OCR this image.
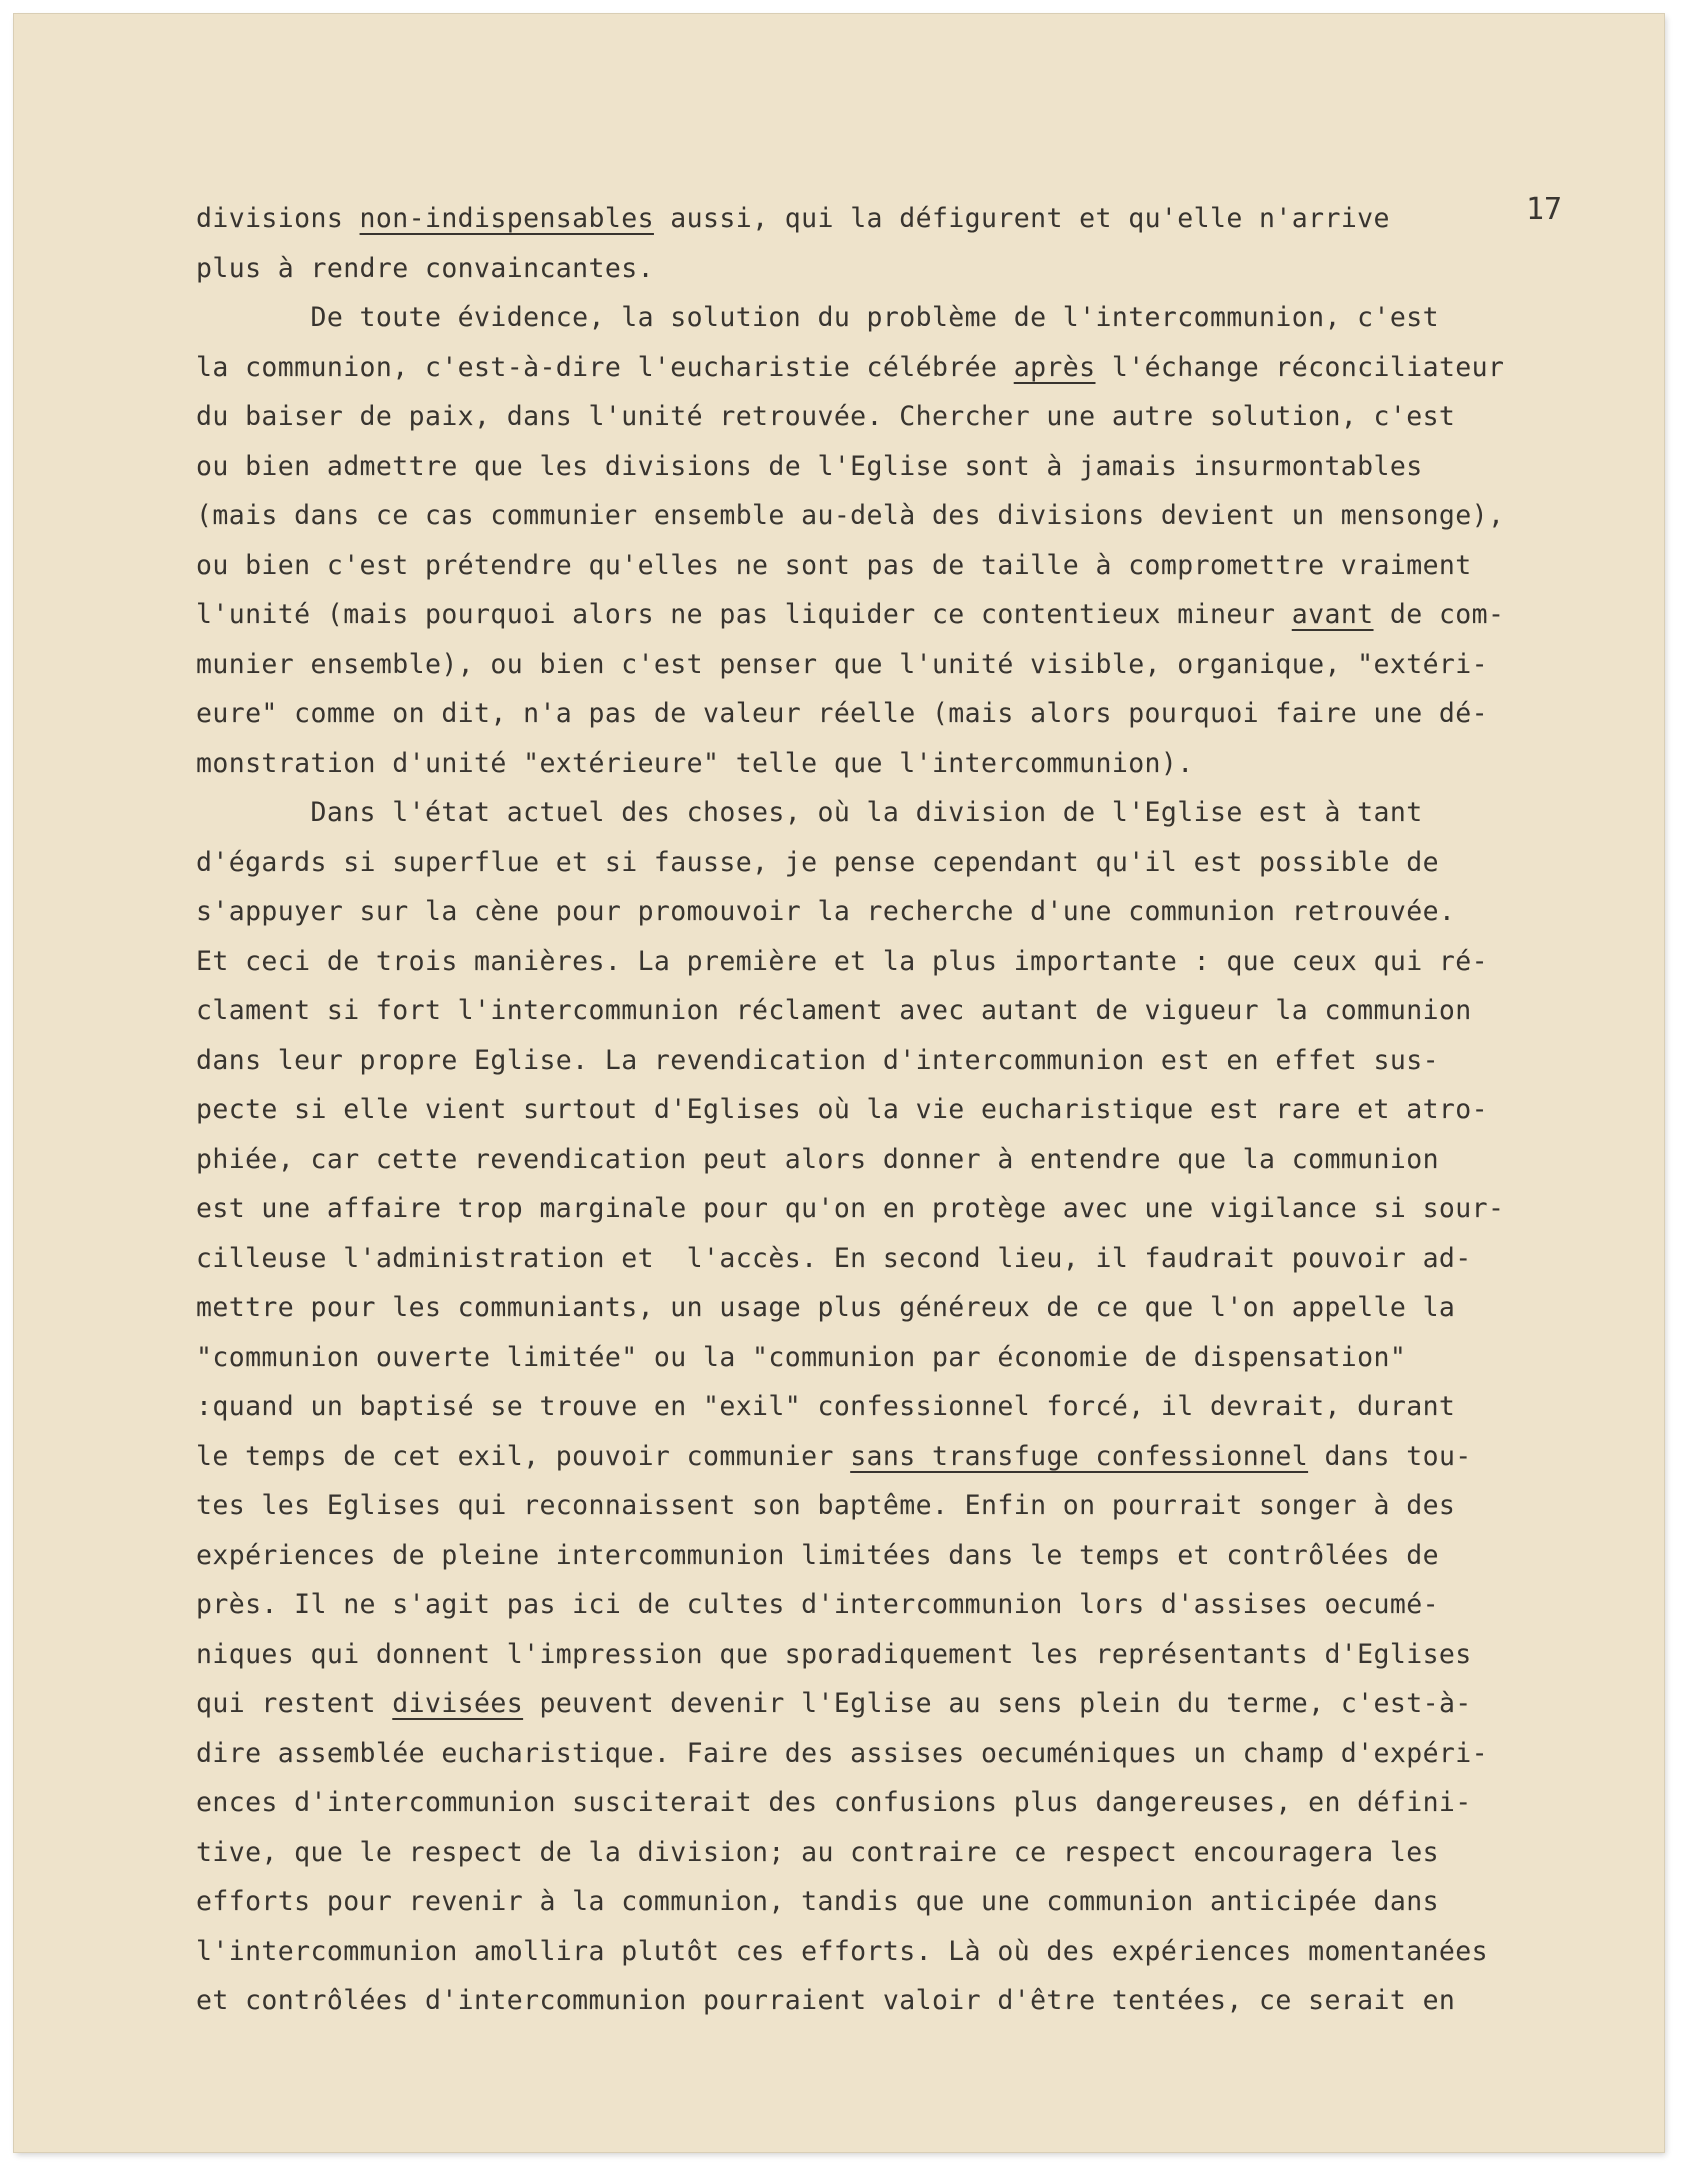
17
divisions non-indispensables aussi, qui la défigurent et qu'elle n'arrive
plus à rendre convaincantes.
De toute évidence, la solution du problème de l'intercommunion, c'est
la communion, c'est-à-dire l'eucharistie célébrée après l'échange réconciliateur
du baiser de paix, dans l'unité retrouvée. Chercher une autre solution, c'est
ou bien admettre que les divisions de l'Eglise sont à jamais insurmontables
(mais dans ce cas communier ensemble au-delà des divisions devient un mensonge),
ou bien c'est prétendre qu'elles ne sont pas de taille à compromettre vraiment
l'unité (mais pourquoi alors ne pas liquider ce contentieux mineur avant de com-
munier ensemble), ou bien c'est penser que l'unité visible, organique, "extéri-
eure" comme on dit, n'a pas de valeur réelle (mais alors pourquoi faire une dé-
monstration d'unité "extérieure" telle que l'intercommunion).
Dans l'état actuel des choses, où la division de l'Eglise est à tant
d'égards si superflue et si fausse, je pense cependant qu'il est possible de
s'appuyer sur la cène pour promouvoir la recherche d'une communion retrouvée.
Et ceci de trois manières. La première et la plus importante : que ceux qui ré-
clament si fort l'intercommunion réclament avec autant de vigueur la communion
dans leur propre Eglise. La revendication d'intercommunion est en effet sus-
pecte si elle vient surtout d'Eglises où la vie eucharistique est rare et atro-
phiée, car cette revendication peut alors donner à entendre que la communion
est une affaire trop marginale pour qu'on en protège avec une vigilance si sour-
cilleuse l'administration et  l'accès. En second lieu, il faudrait pouvoir ad-
mettre pour les communiants, un usage plus généreux de ce que l'on appelle la
"communion ouverte limitée" ou la "communion par économie de dispensation"
:quand un baptisé se trouve en "exil" confessionnel forcé, il devrait, durant
le temps de cet exil, pouvoir communier sans transfuge confessionnel dans tou-
tes les Eglises qui reconnaissent son baptême. Enfin on pourrait songer à des
expériences de pleine intercommunion limitées dans le temps et contrôlées de
près. Il ne s'agit pas ici de cultes d'intercommunion lors d'assises oecumé-
niques qui donnent l'impression que sporadiquement les représentants d'Eglises
qui restent divisées peuvent devenir l'Eglise au sens plein du terme, c'est-à-
dire assemblée eucharistique. Faire des assises oecuméniques un champ d'expéri-
ences d'intercommunion susciterait des confusions plus dangereuses, en défini-
tive, que le respect de la division; au contraire ce respect encouragera les
efforts pour revenir à la communion, tandis que une communion anticipée dans
l'intercommunion amollira plutôt ces efforts. Là où des expériences momentanées
et contrôlées d'intercommunion pourraient valoir d'être tentées, ce serait en
